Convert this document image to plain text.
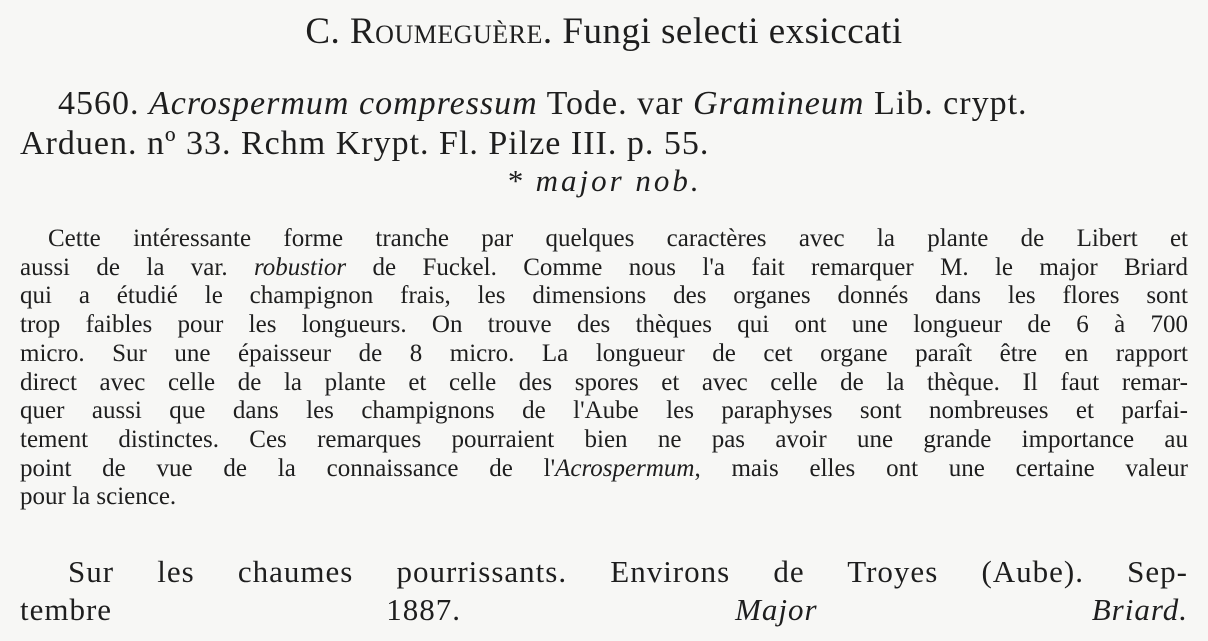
C. Roumeguère. Fungi selecti exsiccati
4560. Acrospermum compressum Tode. var Gramineum Lib. crypt.
Arduen. nº 33. Rchm Krypt. Fl. Pilze III. p. 55.
* major nob.
Cette intéressante forme tranche par quelques caractères avec la plante de Libert et
aussi de la var. robustior de Fuckel. Comme nous l'a fait remarquer M. le major Briard
qui a étudié le champignon frais, les dimensions des organes donnés dans les flores sont
trop faibles pour les longueurs. On trouve des thèques qui ont une longueur de 6 à 700
micro. Sur une épaisseur de 8 micro. La longueur de cet organe paraît être en rapport
direct avec celle de la plante et celle des spores et avec celle de la thèque. Il faut remar-
quer aussi que dans les champignons de l'Aube les paraphyses sont nombreuses et parfai-
tement distinctes. Ces remarques pourraient bien ne pas avoir une grande importance au
point de vue de la connaissance de l'Acrospermum, mais elles ont une certaine valeur
pour la science.
Sur les chaumes pourrissants. Environs de Troyes (Aube). Sep-
tembre 1887.	Major Briard.
